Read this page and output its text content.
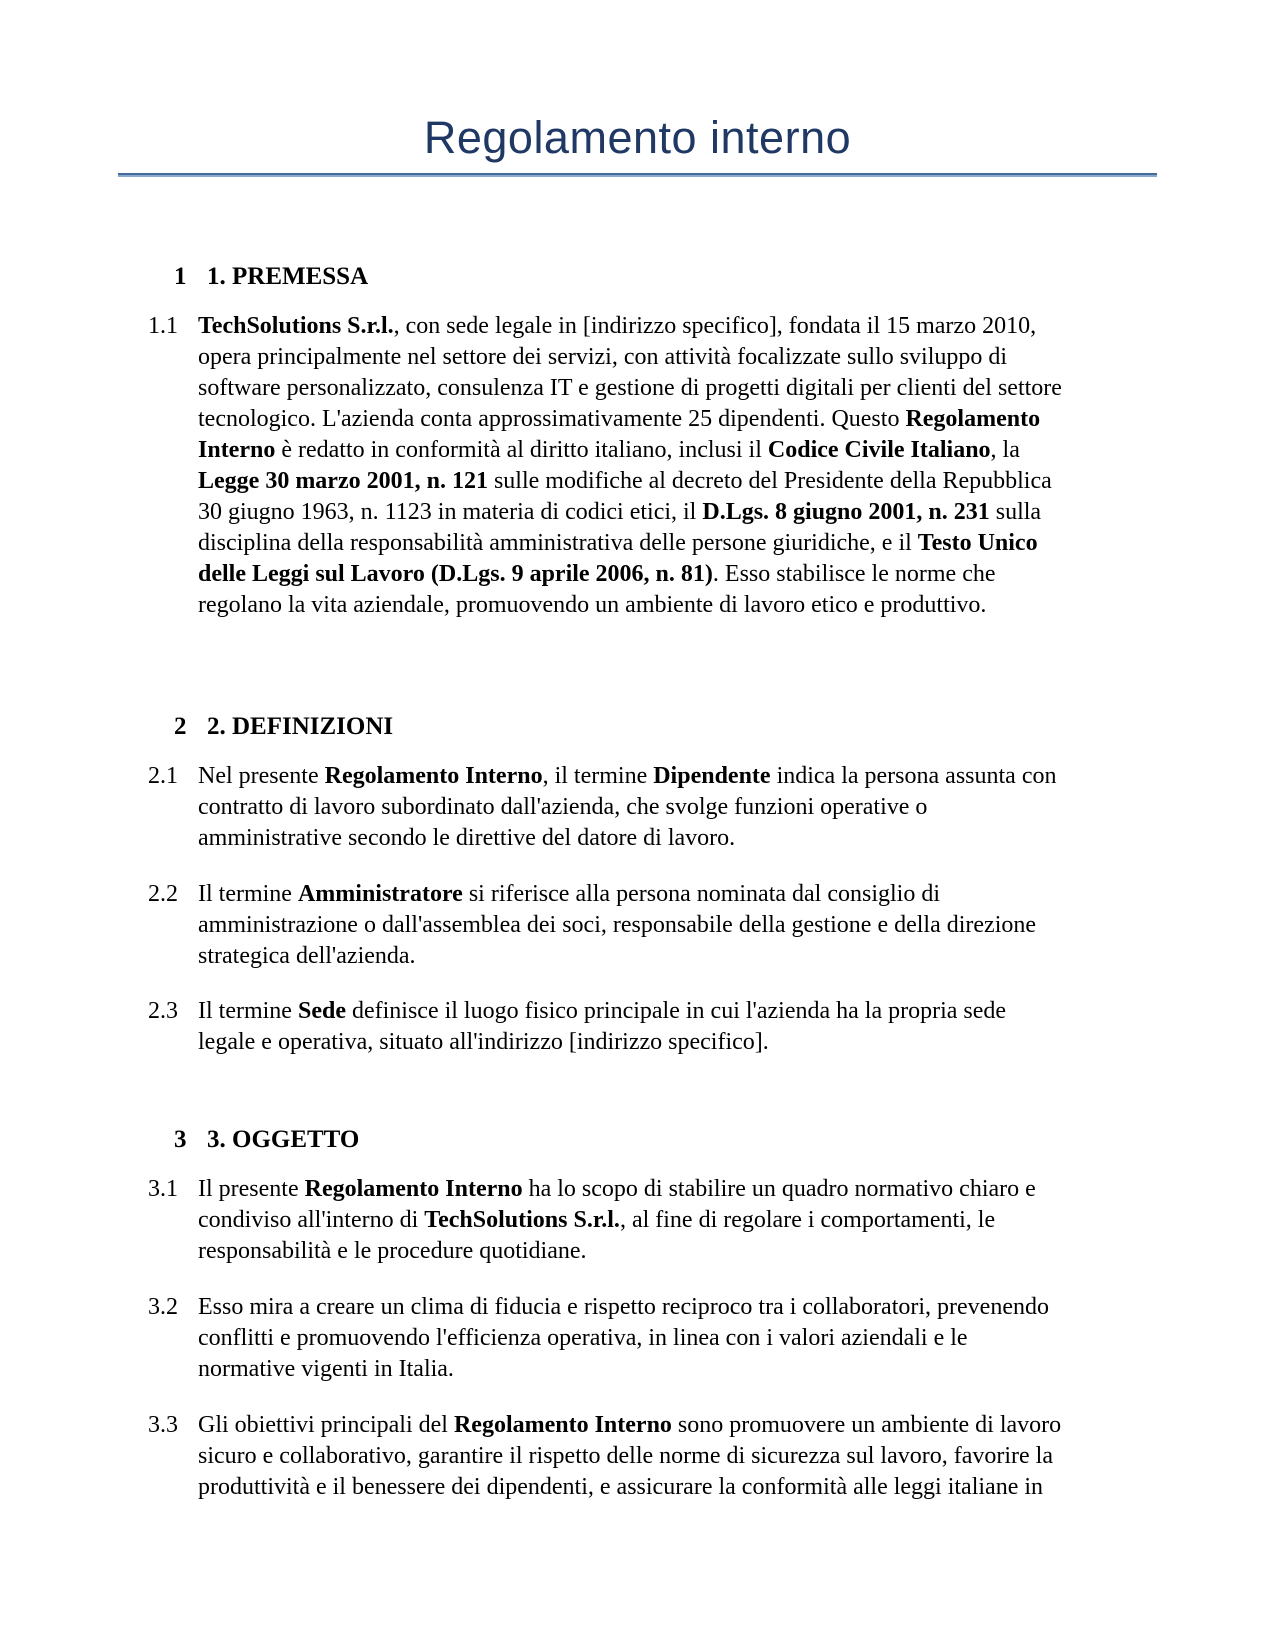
Regolamento interno
1 1. PREMESSA
1.1 TechSolutions S.r.l., con sede legale in [indirizzo specifico], fondata il 15 marzo 2010, opera principalmente nel settore dei servizi, con attività focalizzate sullo sviluppo di software personalizzato, consulenza IT e gestione di progetti digitali per clienti del settore tecnologico. L'azienda conta approssimativamente 25 dipendenti. Questo Regolamento Interno è redatto in conformità al diritto italiano, inclusi il Codice Civile Italiano, la Legge 30 marzo 2001, n. 121 sulle modifiche al decreto del Presidente della Repubblica 30 giugno 1963, n. 1123 in materia di codici etici, il D.Lgs. 8 giugno 2001, n. 231 sulla disciplina della responsabilità amministrativa delle persone giuridiche, e il Testo Unico delle Leggi sul Lavoro (D.Lgs. 9 aprile 2006, n. 81). Esso stabilisce le norme che regolano la vita aziendale, promuovendo un ambiente di lavoro etico e produttivo.

2 2. DEFINIZIONI
2.1 Nel presente Regolamento Interno, il termine Dipendente indica la persona assunta con contratto di lavoro subordinato dall'azienda, che svolge funzioni operative o amministrative secondo le direttive del datore di lavoro.

2.2 Il termine Amministratore si riferisce alla persona nominata dal consiglio di amministrazione o dall'assemblea dei soci, responsabile della gestione e della direzione strategica dell'azienda.

2.3 Il termine Sede definisce il luogo fisico principale in cui l'azienda ha la propria sede legale e operativa, situato all'indirizzo [indirizzo specifico].

3 3. OGGETTO
3.1 Il presente Regolamento Interno ha lo scopo di stabilire un quadro normativo chiaro e condiviso all'interno di TechSolutions S.r.l., al fine di regolare i comportamenti, le responsabilità e le procedure quotidiane.

3.2 Esso mira a creare un clima di fiducia e rispetto reciproco tra i collaboratori, prevenendo conflitti e promuovendo l'efficienza operativa, in linea con i valori aziendali e le normative vigenti in Italia.

3.3 Gli obiettivi principali del Regolamento Interno sono promuovere un ambiente di lavoro sicuro e collaborativo, garantire il rispetto delle norme di sicurezza sul lavoro, favorire la produttività e il benessere dei dipendenti, e assicurare la conformità alle leggi italiane in
